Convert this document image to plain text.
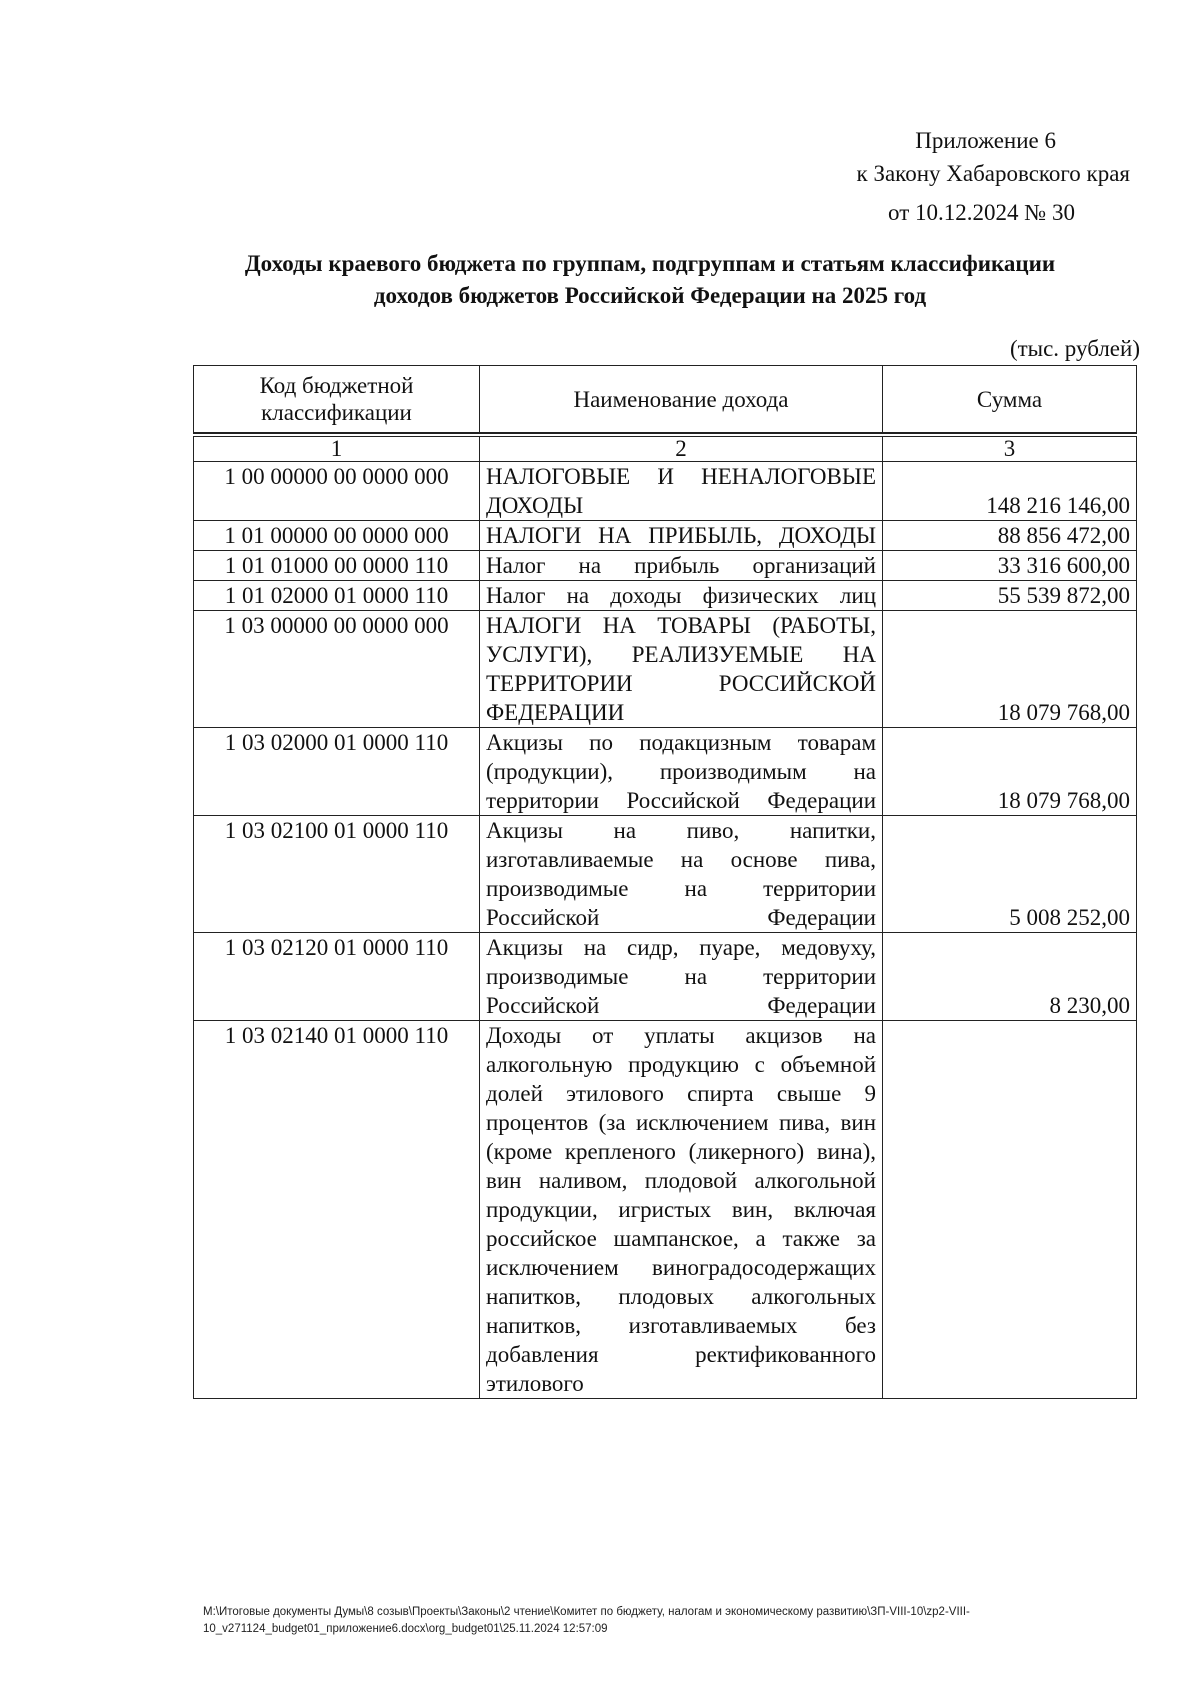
Приложение 6
к Закону Хабаровского края
от 10.12.2024 № 30
Доходы краевого бюджета по группам, подгруппам и статьям классификации
доходов бюджетов Российской Федерации на 2025 год
(тыс. рублей)
Код бюджетной классификации	Наименование дохода	Сумма
1	2	3
1 00 00000 00 0000 000	НАЛОГОВЫЕ И НЕНАЛОГОВЫЕ ДОХОДЫ	148 216 146,00
1 01 00000 00 0000 000	НАЛОГИ НА ПРИБЫЛЬ, ДОХОДЫ	88 856 472,00
1 01 01000 00 0000 110	Налог на прибыль организаций	33 316 600,00
1 01 02000 01 0000 110	Налог на доходы физических лиц	55 539 872,00
1 03 00000 00 0000 000	НАЛОГИ НА ТОВАРЫ (РАБОТЫ, УСЛУГИ), РЕАЛИЗУЕМЫЕ НА ТЕРРИТОРИИ РОССИЙСКОЙ ФЕДЕРАЦИИ	18 079 768,00
1 03 02000 01 0000 110	Акцизы по подакцизным товарам (продукции), производимым на территории Российской Федерации	18 079 768,00
1 03 02100 01 0000 110	Акцизы на пиво, напитки, изготавливаемые на основе пива, производимые на территории Российской Федерации	5 008 252,00
1 03 02120 01 0000 110	Акцизы на сидр, пуаре, медовуху, производимые на территории Российской Федерации	8 230,00
1 03 02140 01 0000 110	Доходы от уплаты акцизов на алкогольную продукцию с объемной долей этилового спирта свыше 9 процентов (за исключением пива, вин (кроме крепленого (ликерного) вина), вин наливом, плодовой алкогольной продукции, игристых вин, включая российское шампанское, а также за исключением виноградосодержащих напитков, плодовых алкогольных напитков, изготавливаемых без добавления ректификованного этилового	
M:\Итоговые документы Думы\8 созыв\Проекты\Законы\2 чтение\Комитет по бюджету, налогам и экономическому развитию\ЗП-VIII-10\zp2-VIII-10_v271124_budget01_приложение6.docx\org_budget01\25.11.2024 12:57:09
